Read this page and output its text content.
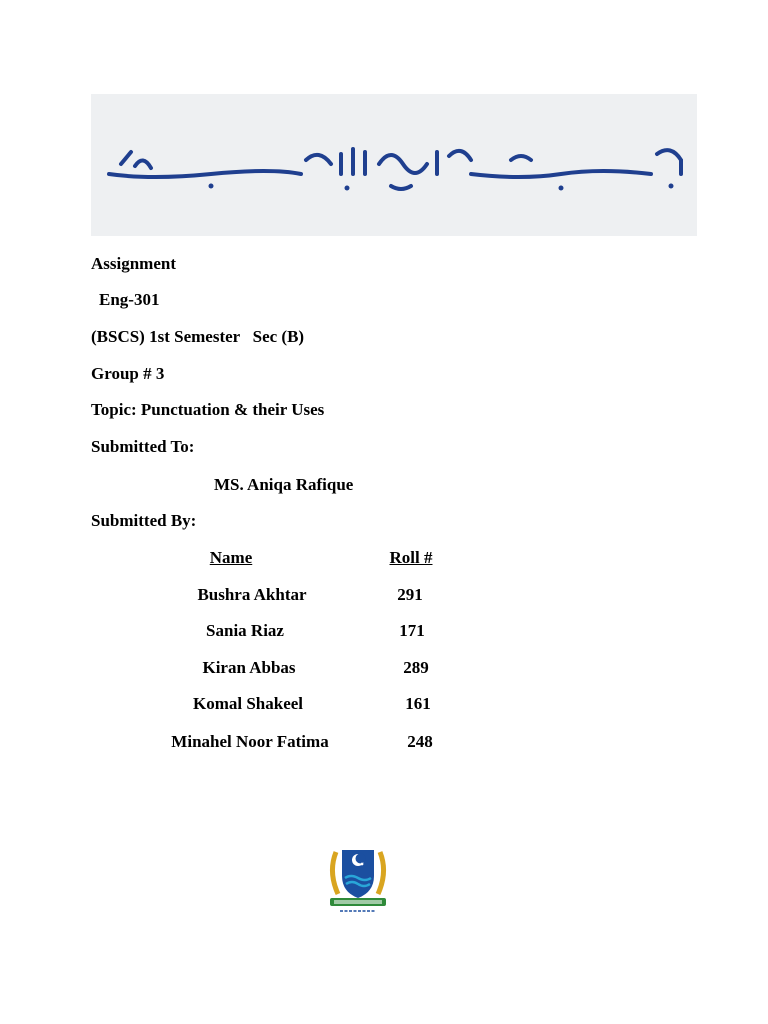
Assignment
Eng-301
(BSCS) 1st Semester   Sec (B)
Group # 3
Topic: Punctuation & their Uses
Submitted To:
MS. Aniqa Rafique
Submitted By:
Name	Roll #
Bushra Akhtar	291
Sania Riaz	171
Kiran Abbas	289
Komal Shakeel	161
Minahel Noor Fatima	248
